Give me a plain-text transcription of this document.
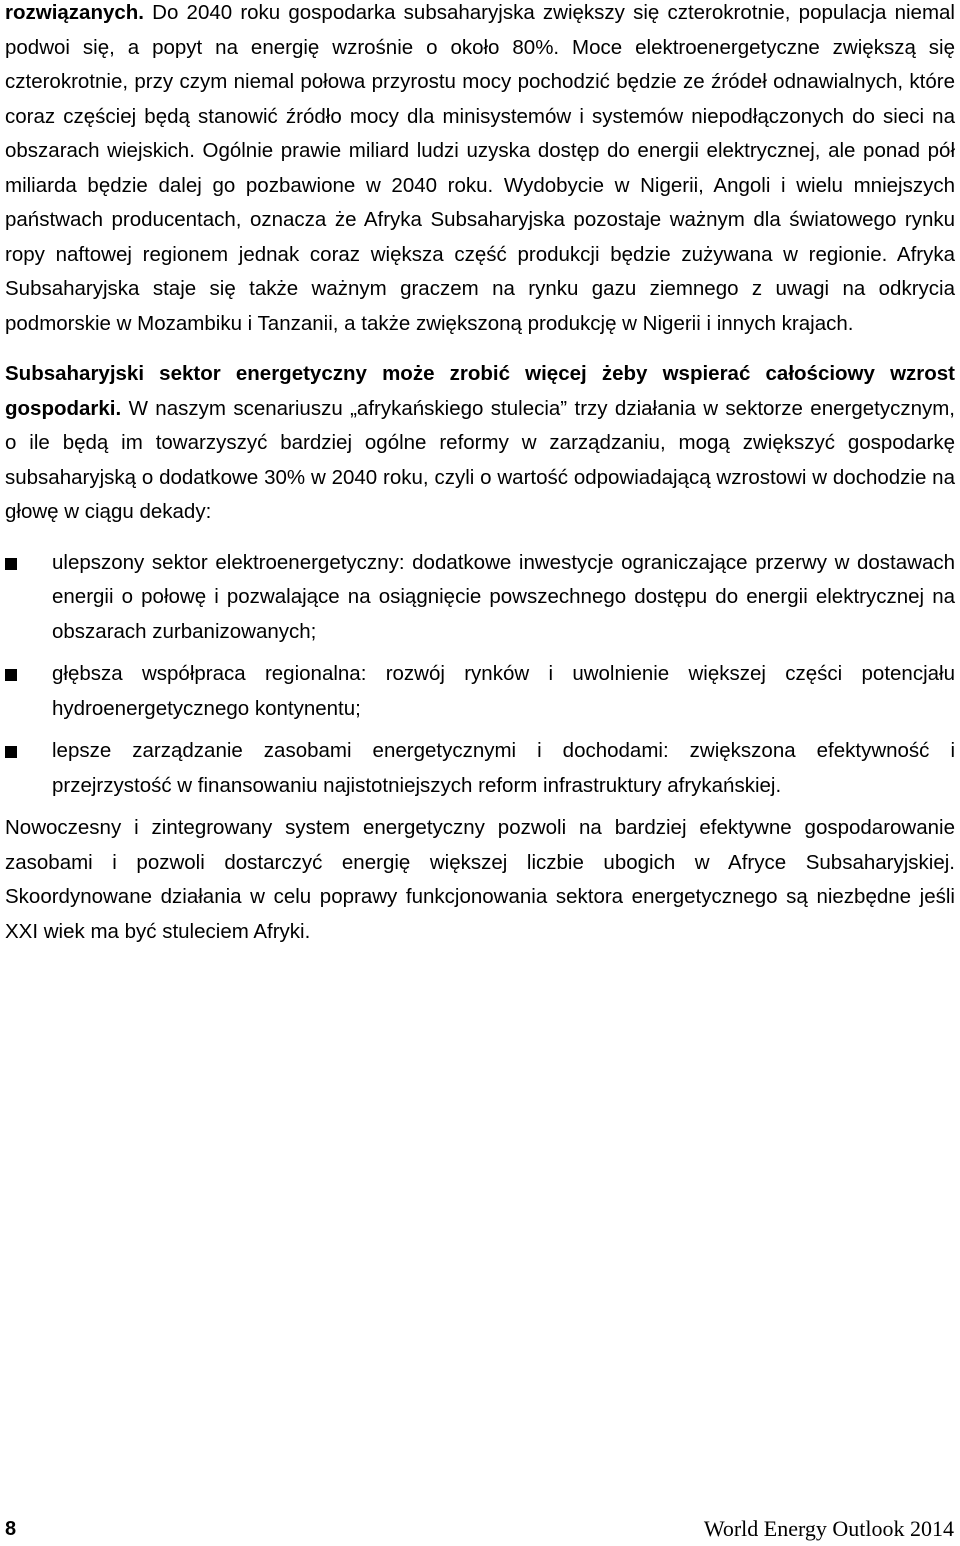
rozwiązanych. Do 2040 roku gospodarka subsaharyjska zwiększy się czterokrotnie, populacja niemal podwoi się, a popyt na energię wzrośnie o około 80%. Moce elektroenergetyczne zwiększą się czterokrotnie, przy czym niemal połowa przyrostu mocy pochodzić będzie ze źródeł odnawialnych, które coraz częściej będą stanowić źródło mocy dla minisystemów i systemów niepodłączonych do sieci na obszarach wiejskich. Ogólnie prawie miliard ludzi uzyska dostęp do energii elektrycznej, ale ponad pół miliarda będzie dalej go pozbawione w 2040 roku. Wydobycie w Nigerii, Angoli i wielu mniejszych państwach producentach, oznacza że Afryka Subsaharyjska pozostaje ważnym dla światowego rynku ropy naftowej regionem jednak coraz większa część produkcji będzie zużywana w regionie. Afryka Subsaharyjska staje się także ważnym graczem na rynku gazu ziemnego z uwagi na odkrycia podmorskie w Mozambiku i Tanzanii, a także zwiększoną produkcję w Nigerii i innych krajach.

Subsaharyjski sektor energetyczny może zrobić więcej żeby wspierać całościowy wzrost gospodarki. W naszym scenariuszu „afrykańskiego stulecia” trzy działania w sektorze energetycznym, o ile będą im towarzyszyć bardziej ogólne reformy w zarządzaniu, mogą zwiększyć gospodarkę subsaharyjską o dodatkowe 30% w 2040 roku, czyli o wartość odpowiadającą wzrostowi w dochodzie na głowę w ciągu dekady:

ulepszony sektor elektroenergetyczny: dodatkowe inwestycje ograniczające przerwy w dostawach energii o połowę i pozwalające na osiągnięcie powszechnego dostępu do energii elektrycznej na obszarach zurbanizowanych;
głębsza współpraca regionalna: rozwój rynków i uwolnienie większej części potencjału hydroenergetycznego kontynentu;
lepsze zarządzanie zasobami energetycznymi i dochodami: zwiększona efektywność i przejrzystość w finansowaniu najistotniejszych reform infrastruktury afrykańskiej.

Nowoczesny i zintegrowany system energetyczny pozwoli na bardziej efektywne gospodarowanie zasobami i pozwoli dostarczyć energię większej liczbie ubogich w Afryce Subsaharyjskiej. Skoordynowane działania w celu poprawy funkcjonowania sektora energetycznego są niezbędne jeśli XXI wiek ma być stuleciem Afryki.

8	World Energy Outlook 2014
